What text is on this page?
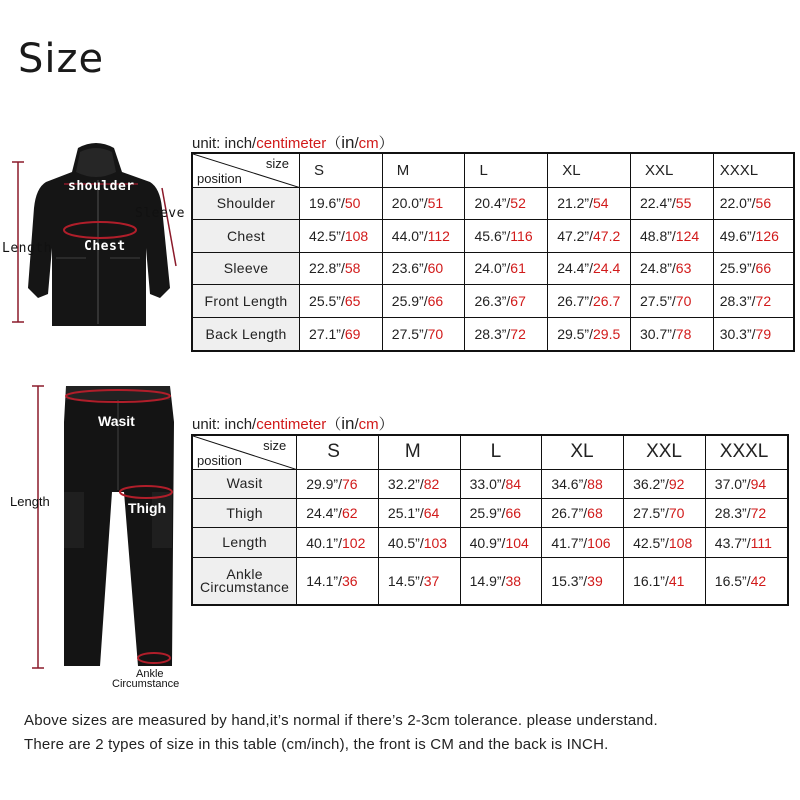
Size
shoulder
Sleeve
Length Chest
unit: inch/centimeter（in/cm）
size
position	S	M	L	XL	XXL	XXXL
Shoulder	19.6”/50	20.0”/51	20.4”/52	21.2”/54	22.4”/55	22.0”/56
Chest	42.5”/108	44.0”/112	45.6”/116	47.2”/47.2	48.8”/124	49.6”/126
Sleeve	22.8”/58	23.6”/60	24.0”/61	24.4”/24.4	24.8”/63	25.9”/66
Front Length	25.5”/65	25.9”/66	26.3”/67	26.7”/26.7	27.5”/70	28.3”/72
Back Length	27.1”/69	27.5”/70	28.3”/72	29.5”/29.5	30.7”/78	30.3”/79
Wasit
Length	Thigh
Ankle
Circumstance
unit: inch/centimeter（in/cm）
size
position	S	M	L	XL	XXL	XXXL
Wasit	29.9”/76	32.2”/82	33.0”/84	34.6”/88	36.2”/92	37.0”/94
Thigh	24.4”/62	25.1”/64	25.9”/66	26.7”/68	27.5”/70	28.3”/72
Length	40.1”/102	40.5”/103	40.9”/104	41.7”/106	42.5”/108	43.7”/111

Ankle
Circumstance	14.1”/36	14.5”/37	14.9”/38	15.3”/39	16.1”/41	16.5”/42
Above sizes are measured by hand,it’s normal if there’s 2-3cm tolerance. please understand.
There are 2 types of size in this table (cm/inch), the front is CM and the back is INCH.
